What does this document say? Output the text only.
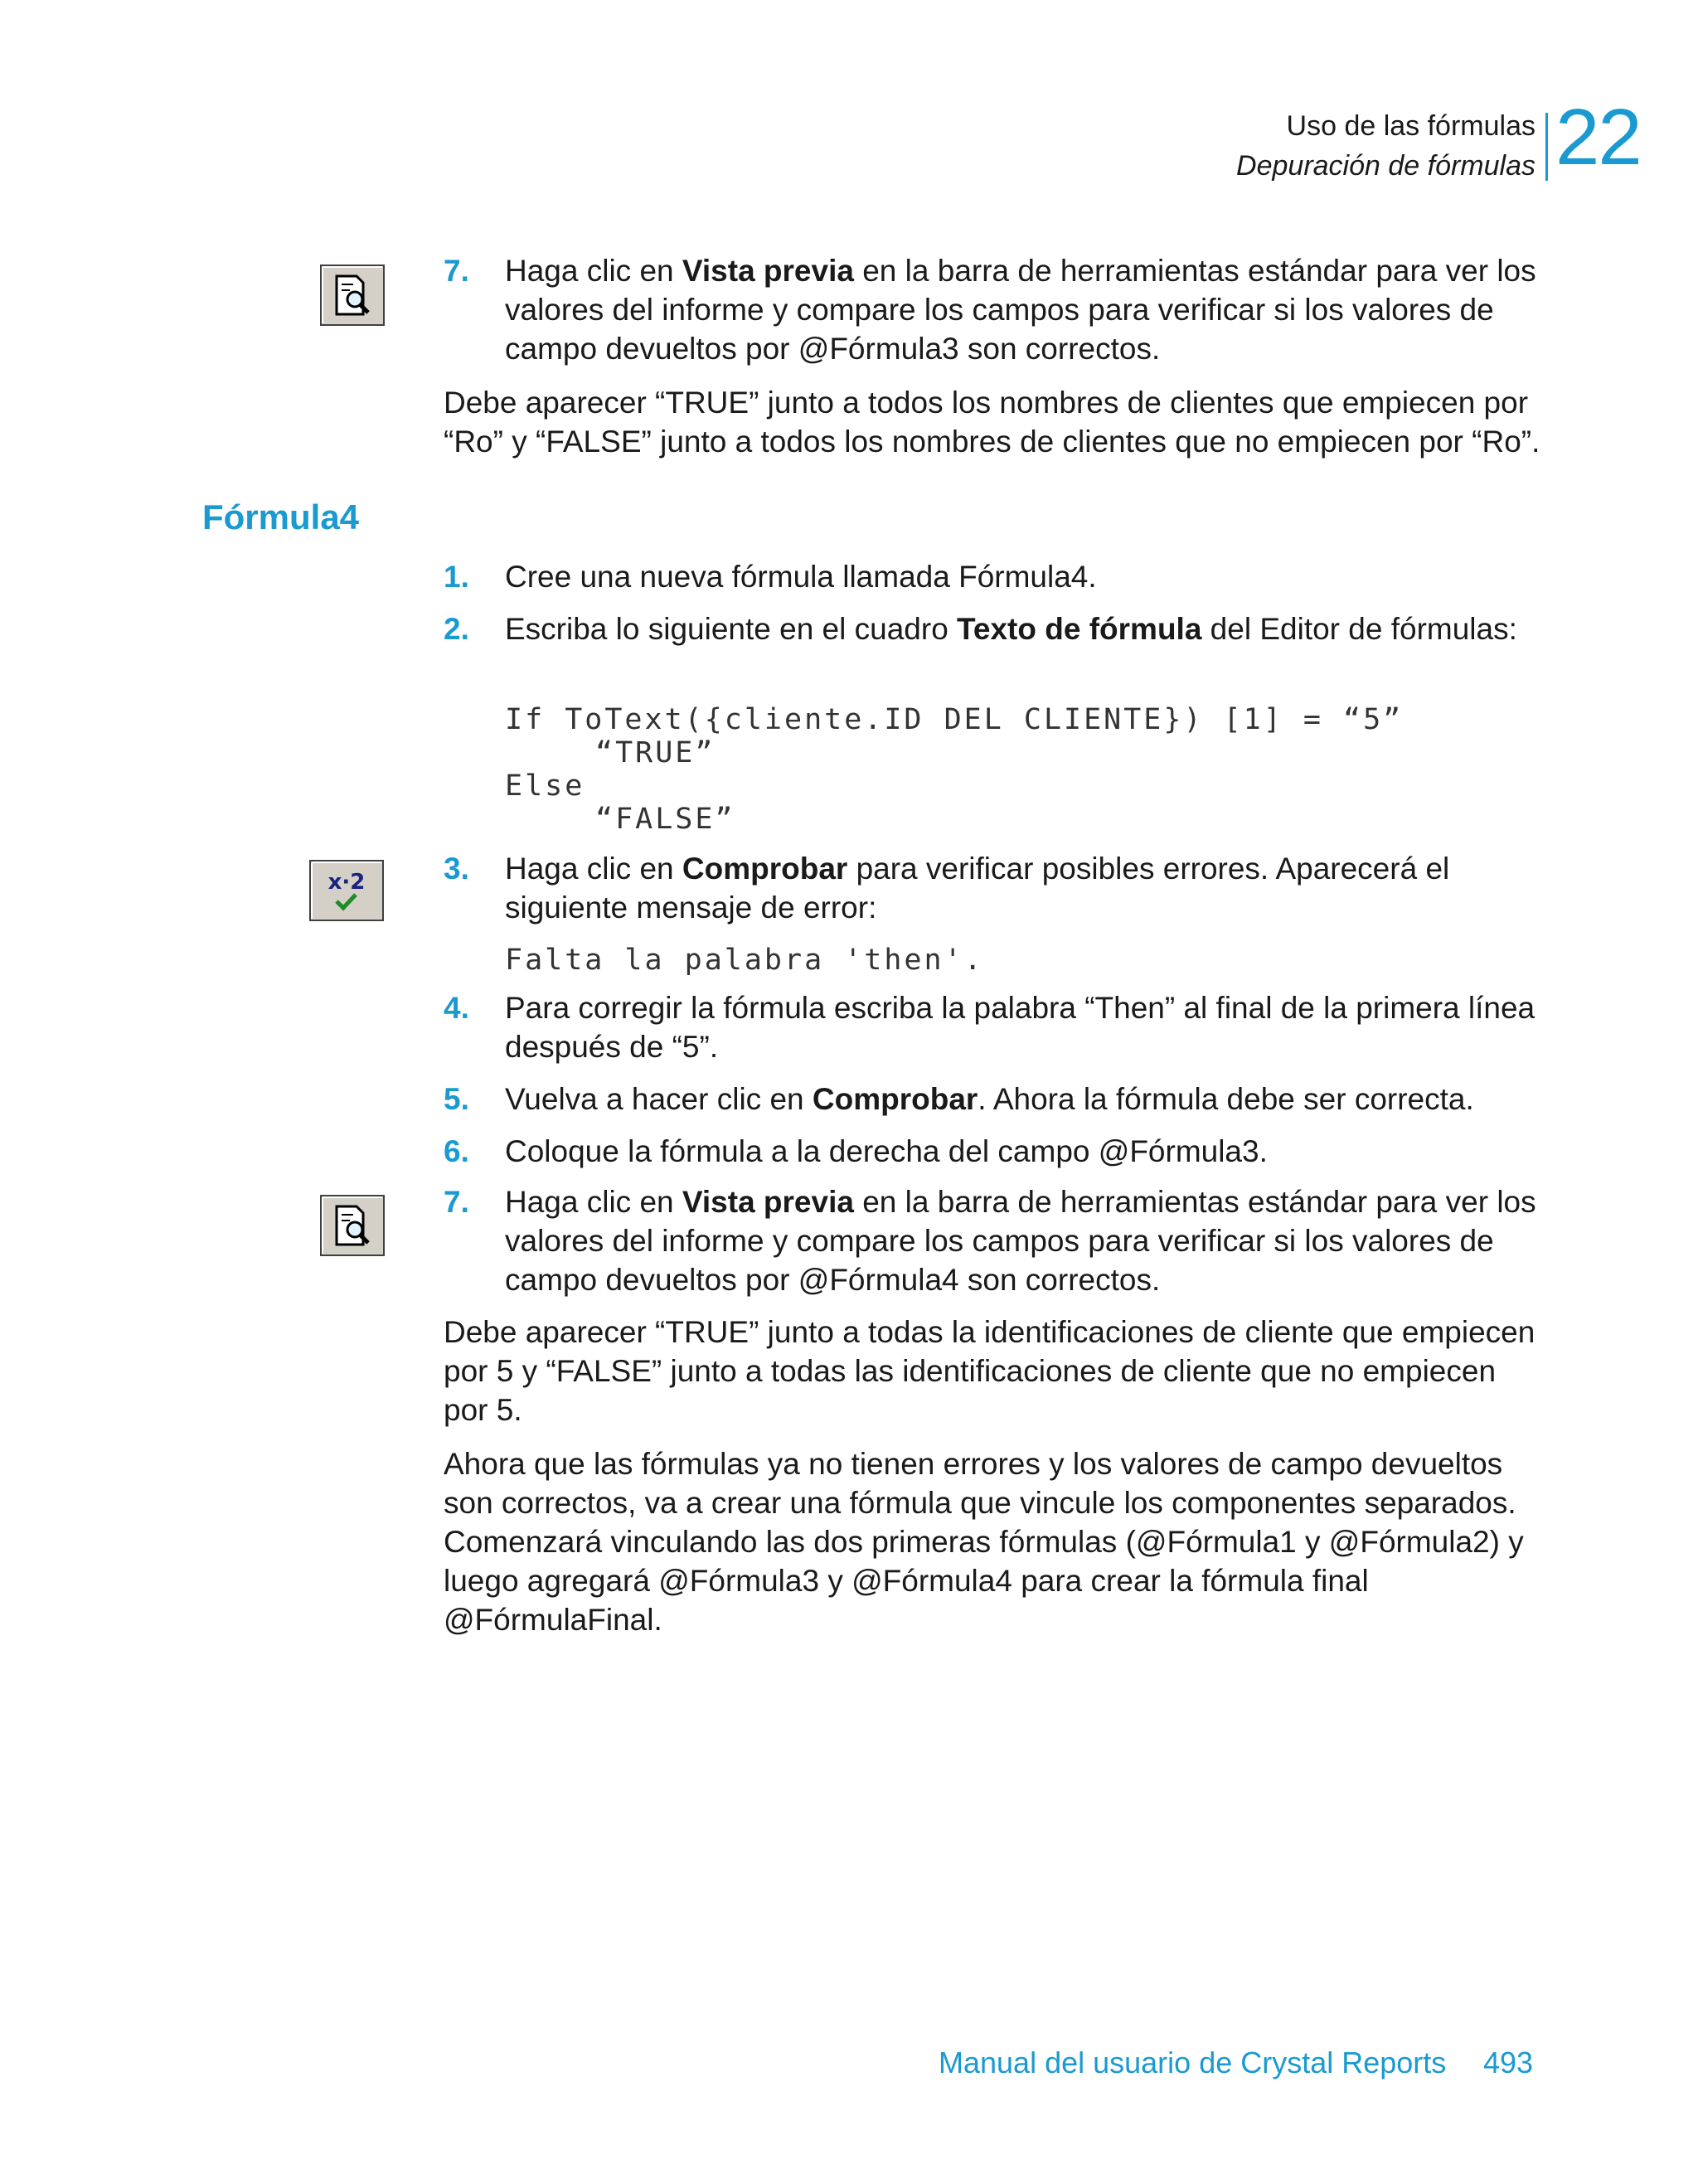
Uso de las fórmulas
Depuración de fórmulas 22
7. Haga clic en Vista previa en la barra de herramientas estándar para ver los valores del informe y compare los campos para verificar si los valores de campo devueltos por @Fórmula3 son correctos.
Debe aparecer “TRUE” junto a todos los nombres de clientes que empiecen por “Ro” y “FALSE” junto a todos los nombres de clientes que no empiecen por “Ro”.
Fórmula4
1. Cree una nueva fórmula llamada Fórmula4.
2. Escriba lo siguiente en el cuadro Texto de fórmula del Editor de fórmulas:
If ToText({cliente.ID DEL CLIENTE}) [1] = “5”
“TRUE”
Else
“FALSE”
x·2	3. Haga clic en Comprobar para verificar posibles errores. Aparecerá el siguiente mensaje de error:
Falta la palabra 'then'.
4. Para corregir la fórmula escriba la palabra “Then” al final de la primera línea después de “5”.
5. Vuelva a hacer clic en Comprobar. Ahora la fórmula debe ser correcta.
6. Coloque la fórmula a la derecha del campo @Fórmula3.
7. Haga clic en Vista previa en la barra de herramientas estándar para ver los valores del informe y compare los campos para verificar si los valores de campo devueltos por @Fórmula4 son correctos.
Debe aparecer “TRUE” junto a todas la identificaciones de cliente que empiecen por 5 y “FALSE” junto a todas las identificaciones de cliente que no empiecen por 5.
Ahora que las fórmulas ya no tienen errores y los valores de campo devueltos son correctos, va a crear una fórmula que vincule los componentes separados. Comenzará vinculando las dos primeras fórmulas (@Fórmula1 y @Fórmula2) y luego agregará @Fórmula3 y @Fórmula4 para crear la fórmula final @FórmulaFinal.
Manual del usuario de Crystal Reports 493
